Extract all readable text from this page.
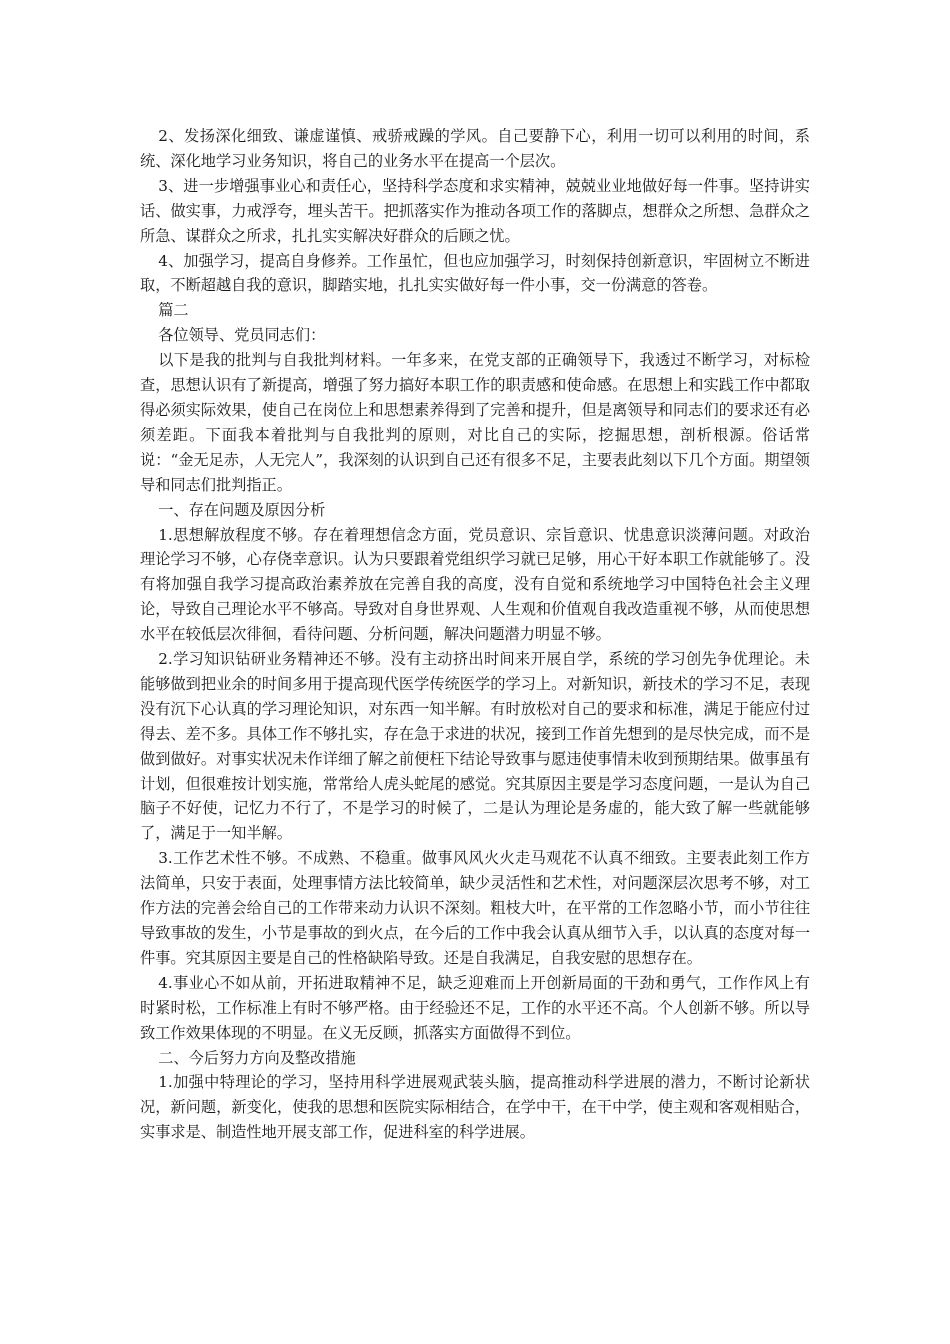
2、发扬深化细致、谦虚谨慎、戒骄戒躁的学风。自己要静下心，利用一切可以利用的时间，系统、深化地学习业务知识，将自己的业务水平在提高一个层次。

3、进一步增强事业心和责任心，坚持科学态度和求实精神，兢兢业业地做好每一件事。坚持讲实话、做实事，力戒浮夸，埋头苦干。把抓落实作为推动各项工作的落脚点，想群众之所想、急群众之所急、谋群众之所求，扎扎实实解决好群众的后顾之忧。

4、加强学习，提高自身修养。工作虽忙，但也应加强学习，时刻保持创新意识，牢固树立不断进取，不断超越自我的意识，脚踏实地，扎扎实实做好每一件小事，交一份满意的答卷。

篇二

各位领导、党员同志们：

以下是我的批判与自我批判材料。一年多来，在党支部的正确领导下，我透过不断学习，对标检查，思想认识有了新提高，增强了努力搞好本职工作的职责感和使命感。在思想上和实践工作中都取得必须实际效果，使自己在岗位上和思想素养得到了完善和提升，但是离领导和同志们的要求还有必须差距。下面我本着批判与自我批判的原则，对比自己的实际，挖掘思想，剖析根源。俗话常说：“金无足赤，人无完人”，我深刻的认识到自己还有很多不足，主要表此刻以下几个方面。期望领导和同志们批判指正。

一、存在问题及原因分析

1.思想解放程度不够。存在着理想信念方面，党员意识、宗旨意识、忧患意识淡薄问题。对政治理论学习不够，心存侥幸意识。认为只要跟着党组织学习就已足够，用心干好本职工作就能够了。没有将加强自我学习提高政治素养放在完善自我的高度，没有自觉和系统地学习中国特色社会主义理论，导致自己理论水平不够高。导致对自身世界观、人生观和价值观自我改造重视不够，从而使思想水平在较低层次徘徊，看待问题、分析问题，解决问题潜力明显不够。

2.学习知识钻研业务精神还不够。没有主动挤出时间来开展自学，系统的学习创先争优理论。未能够做到把业余的时间多用于提高现代医学传统医学的学习上。对新知识，新技术的学习不足，表现没有沉下心认真的学习理论知识，对东西一知半解。有时放松对自己的要求和标准，满足于能应付过得去、差不多。具体工作不够扎实，存在急于求进的状况，接到工作首先想到的是尽快完成，而不是做到做好。对事实状况未作详细了解之前便枉下结论导致事与愿违使事情未收到预期结果。做事虽有计划，但很难按计划实施，常常给人虎头蛇尾的感觉。究其原因主要是学习态度问题，一是认为自己脑子不好使，记忆力不行了，不是学习的时候了，二是认为理论是务虚的，能大致了解一些就能够了，满足于一知半解。

3.工作艺术性不够。不成熟、不稳重。做事风风火火走马观花不认真不细致。主要表此刻工作方法简单，只安于表面，处理事情方法比较简单，缺少灵活性和艺术性，对问题深层次思考不够，对工作方法的完善会给自己的工作带来动力认识不深刻。粗枝大叶，在平常的工作忽略小节，而小节往往导致事故的发生，小节是事故的到火点，在今后的工作中我会认真从细节入手，以认真的态度对每一件事。究其原因主要是自己的性格缺陷导致。还是自我满足，自我安慰的思想存在。

4.事业心不如从前，开拓进取精神不足，缺乏迎难而上开创新局面的干劲和勇气，工作作风上有时紧时松，工作标准上有时不够严格。由于经验还不足，工作的水平还不高。个人创新不够。所以导致工作效果体现的不明显。在义无反顾，抓落实方面做得不到位。

二、今后努力方向及整改措施

1.加强中特理论的学习，坚持用科学进展观武装头脑，提高推动科学进展的潜力，不断讨论新状况，新问题，新变化，使我的思想和医院实际相结合，在学中干，在干中学，使主观和客观相贴合，实事求是、制造性地开展支部工作，促进科室的科学进展。
